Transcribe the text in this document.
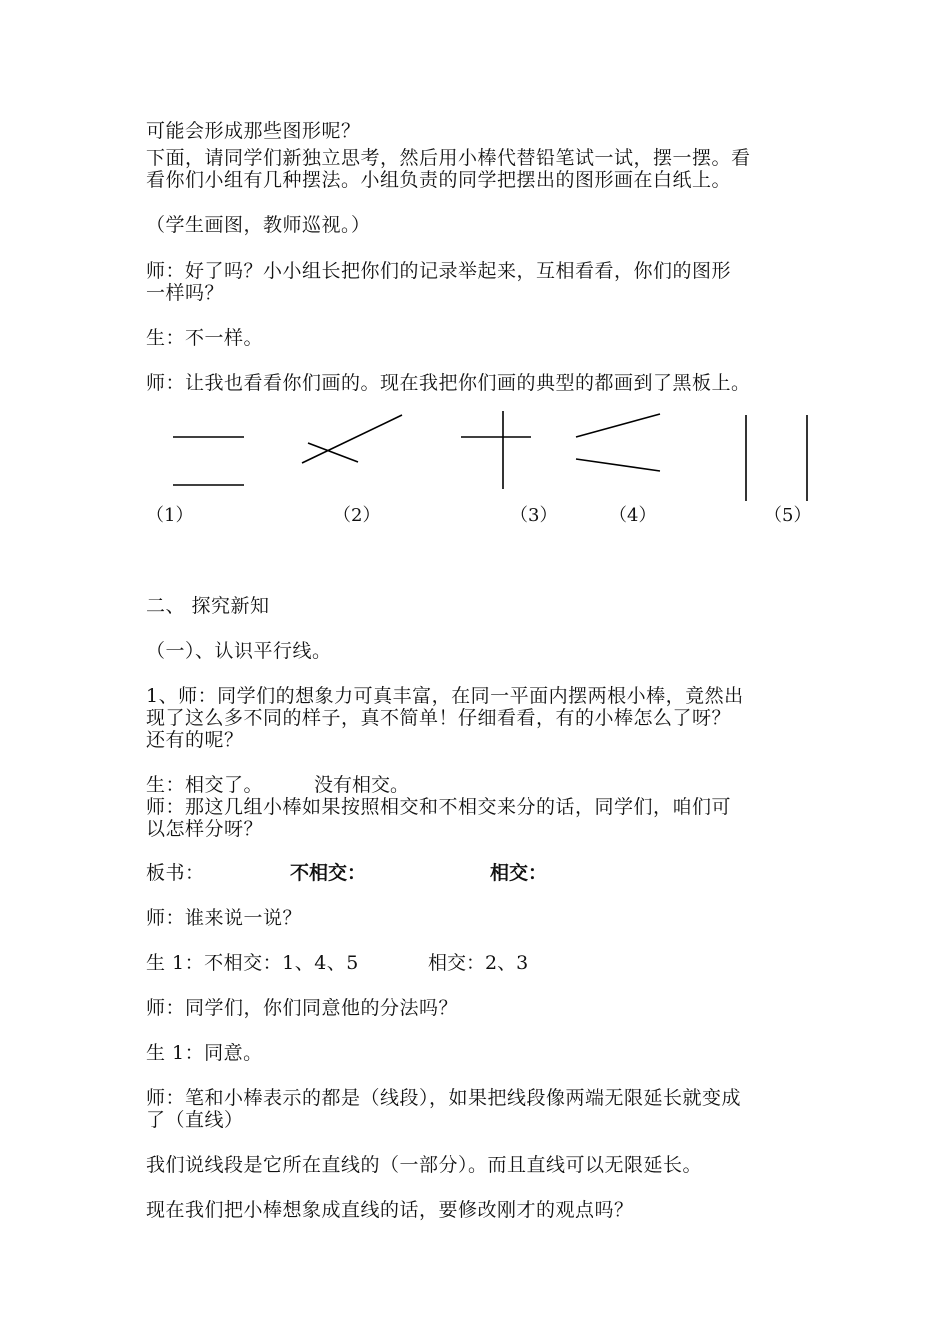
可能会形成那些图形呢？
下面，请同学们新独立思考，然后用小棒代替铅笔试一试，摆一摆。看
看你们小组有几种摆法。小组负责的同学把摆出的图形画在白纸上。
（学生画图，教师巡视。）
师：好了吗？小小组长把你们的记录举起来，互相看看，你们的图形
一样吗？
生：不一样。
师：让我也看看你们画的。现在我把你们画的典型的都画到了黑板上。
（1）	（2）	（3）	（4）	（5）
二、 探究新知
（一）、认识平行线。
1、师：同学们的想象力可真丰富，在同一平面内摆两根小棒，竟然出
现了这么多不同的样子，真不简单！仔细看看，有的小棒怎么了呀？
还有的呢？
生：相交了。	没有相交。
师：那这几组小棒如果按照相交和不相交来分的话，同学们，咱们可
以怎样分呀？
板书：	不相交：	相交：
师：谁来说一说？
生 1：不相交：1、4、5	相交：2、3
师：同学们，你们同意他的分法吗？
生 1：同意。
师：笔和小棒表示的都是（线段），如果把线段像两端无限延长就变成
了（直线）
我们说线段是它所在直线的（一部分）。而且直线可以无限延长。
现在我们把小棒想象成直线的话，要修改刚才的观点吗？
